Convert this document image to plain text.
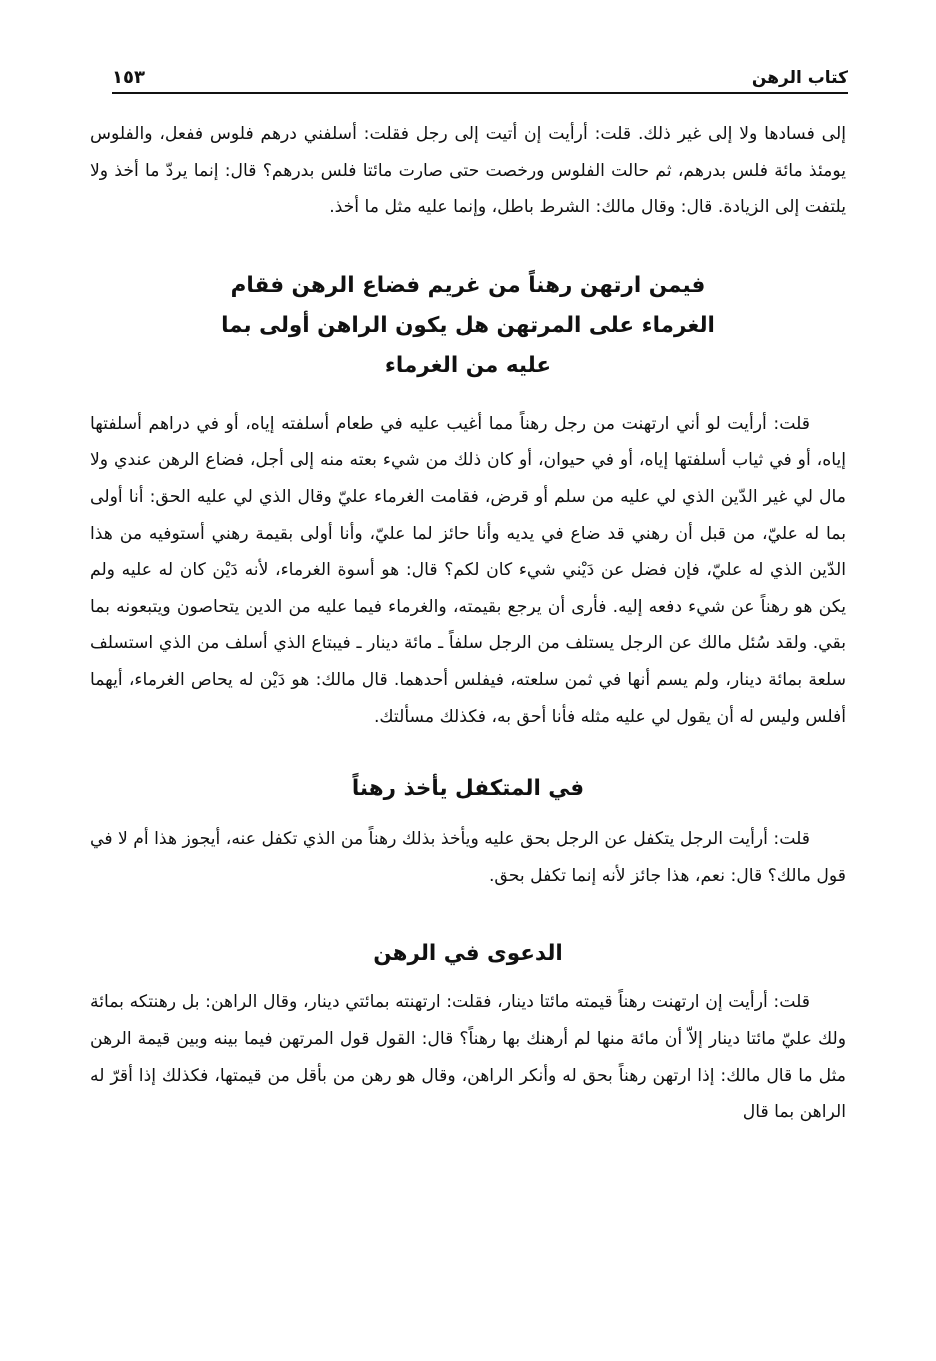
كتاب الرهن
١٥٣

إلى فسادها ولا إلى غير ذلك. قلت: أرأيت إن أتيت إلى رجل فقلت: أسلفني درهم فلوس ففعل، والفلوس يومئذ مائة فلس بدرهم، ثم حالت الفلوس ورخصت حتى صارت مائتا فلس بدرهم؟ قال: إنما يردّ ما أخذ ولا يلتفت إلى الزيادة. قال: وقال مالك: الشرط باطل، وإنما عليه مثل ما أخذ.

فيمن ارتهن رهناً من غريم فضاع الرهن فقام
الغرماء على المرتهن هل يكون الراهن أولى بما
عليه من الغرماء

قلت: أرأيت لو أني ارتهنت من رجل رهناً مما أغيب عليه في طعام أسلفته إياه، أو في دراهم أسلفتها إياه، أو في ثياب أسلفتها إياه، أو في حيوان، أو كان ذلك من شيء بعته منه إلى أجل، فضاع الرهن عندي ولا مال لي غير الدّين الذي لي عليه من سلم أو قرض، فقامت الغرماء عليّ وقال الذي لي عليه الحق: أنا أولى بما له عليّ، من قبل أن رهني قد ضاع في يديه وأنا حائز لما عليّ، وأنا أولى بقيمة رهني أستوفيه من هذا الدّين الذي له عليّ، فإن فضل عن دَيْني شيء كان لكم؟ قال: هو أسوة الغرماء، لأنه دَيْن كان له عليه ولم يكن هو رهناً عن شيء دفعه إليه. فأرى أن يرجع بقيمته، والغرماء فيما عليه من الدين يتحاصون ويتبعونه بما بقي. ولقد سُئل مالك عن الرجل يستلف من الرجل سلفاً ـ مائة دينار ـ فيبتاع الذي أسلف من الذي استسلف سلعة بمائة دينار، ولم يسم أنها في ثمن سلعته، فيفلس أحدهما. قال مالك: هو دَيْن له يحاص الغرماء، أيهما أفلس وليس له أن يقول لي عليه مثله فأنا أحق به، فكذلك مسألتك.

في المتكفل يأخذ رهناً

قلت: أرأيت الرجل يتكفل عن الرجل بحق عليه ويأخذ بذلك رهناً من الذي تكفل عنه، أيجوز هذا أم لا في قول مالك؟ قال: نعم، هذا جائز لأنه إنما تكفل بحق.

الدعوى في الرهن

قلت: أرأيت إن ارتهنت رهناً قيمته مائتا دينار، فقلت: ارتهنته بمائتي دينار، وقال الراهن: بل رهنتكه بمائة ولك عليّ مائتا دينار إلاّ أن مائة منها لم أرهنك بها رهناً؟ قال: القول قول المرتهن فيما بينه وبين قيمة الرهن مثل ما قال مالك: إذا ارتهن رهناً بحق له وأنكر الراهن، وقال هو رهن من بأقل من قيمتها، فكذلك إذا أقرّ له الراهن بما قال
